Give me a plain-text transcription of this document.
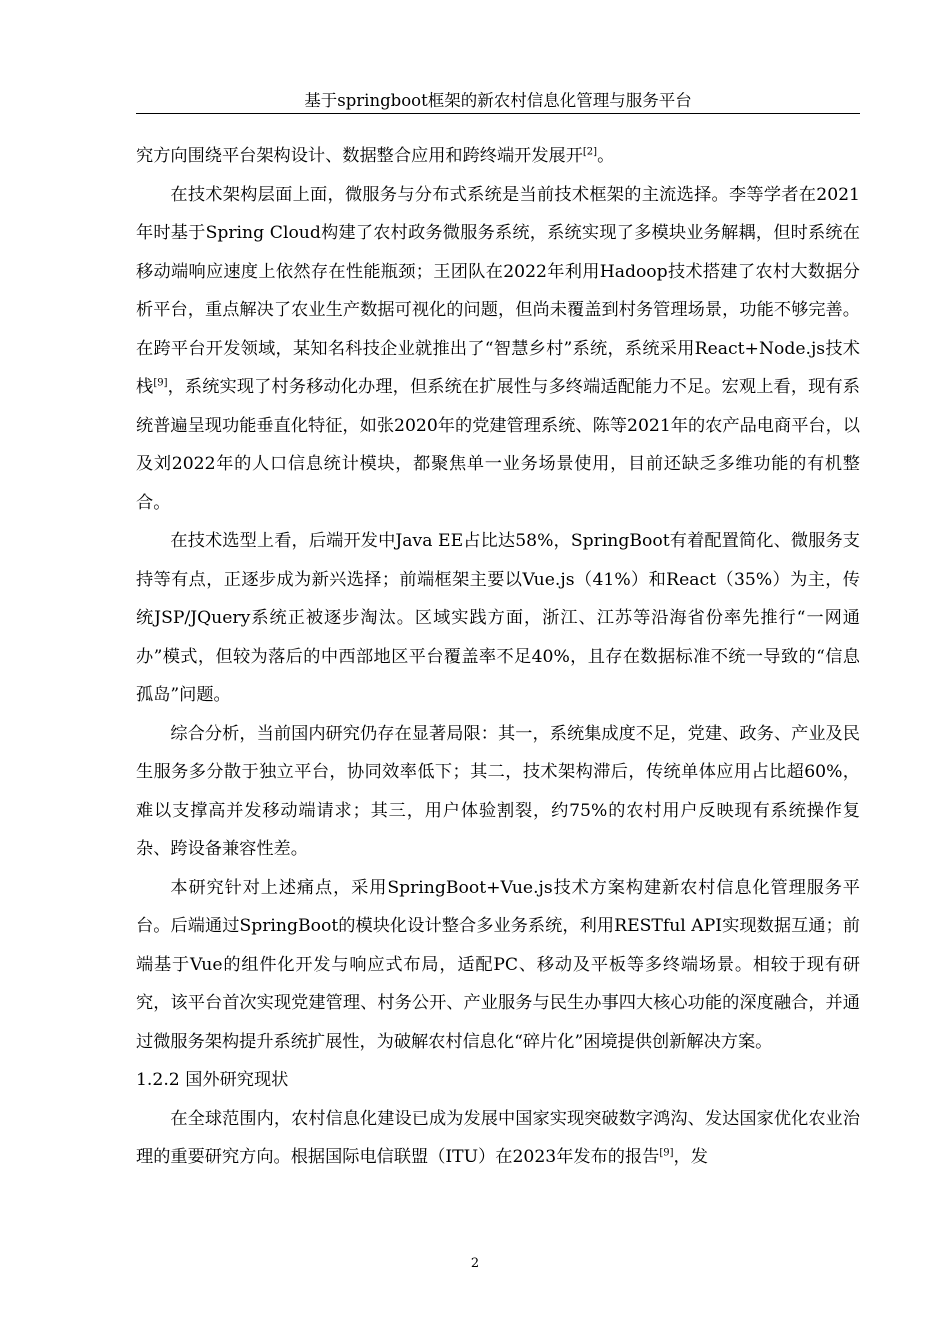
基于springboot框架的新农村信息化管理与服务平台

究方向围绕平台架构设计、数据整合应用和跨终端开发展开[2]。

在技术架构层面上面，微服务与分布式系统是当前技术框架的主流选择。李等学者在2021年时基于Spring Cloud构建了农村政务微服务系统，系统实现了多模块业务解耦，但时系统在移动端响应速度上依然存在性能瓶颈；王团队在2022年利用Hadoop技术搭建了农村大数据分析平台，重点解决了农业生产数据可视化的问题，但尚未覆盖到村务管理场景，功能不够完善。在跨平台开发领域，某知名科技企业就推出了“智慧乡村”系统，系统采用React+Node.js技术栈[9]，系统实现了村务移动化办理，但系统在扩展性与多终端适配能力不足。宏观上看，现有系统普遍呈现功能垂直化特征，如张2020年的党建管理系统、陈等2021年的农产品电商平台，以及刘2022年的人口信息统计模块，都聚焦单一业务场景使用，目前还缺乏多维功能的有机整合。

在技术选型上看，后端开发中Java EE占比达58%，SpringBoot有着配置简化、微服务支持等有点，正逐步成为新兴选择；前端框架主要以Vue.js（41%）和React（35%）为主，传统JSP/JQuery系统正被逐步淘汰。区域实践方面，浙江、江苏等沿海省份率先推行“一网通办”模式，但较为落后的中西部地区平台覆盖率不足40%，且存在数据标准不统一导致的“信息孤岛”问题。

综合分析，当前国内研究仍存在显著局限：其一，系统集成度不足，党建、政务、产业及民生服务多分散于独立平台，协同效率低下；其二，技术架构滞后，传统单体应用占比超60%，难以支撑高并发移动端请求；其三，用户体验割裂，约75%的农村用户反映现有系统操作复杂、跨设备兼容性差。

本研究针对上述痛点，采用SpringBoot+Vue.js技术方案构建新农村信息化管理服务平台。后端通过SpringBoot的模块化设计整合多业务系统，利用RESTful API实现数据互通；前端基于Vue的组件化开发与响应式布局，适配PC、移动及平板等多终端场景。相较于现有研究，该平台首次实现党建管理、村务公开、产业服务与民生办事四大核心功能的深度融合，并通过微服务架构提升系统扩展性，为破解农村信息化“碎片化”困境提供创新解决方案。

1.2.2 国外研究现状

在全球范围内，农村信息化建设已成为发展中国家实现突破数字鸿沟、发达国家优化农业治理的重要研究方向。根据国际电信联盟（ITU）在2023年发布的报告[9]，发

2
